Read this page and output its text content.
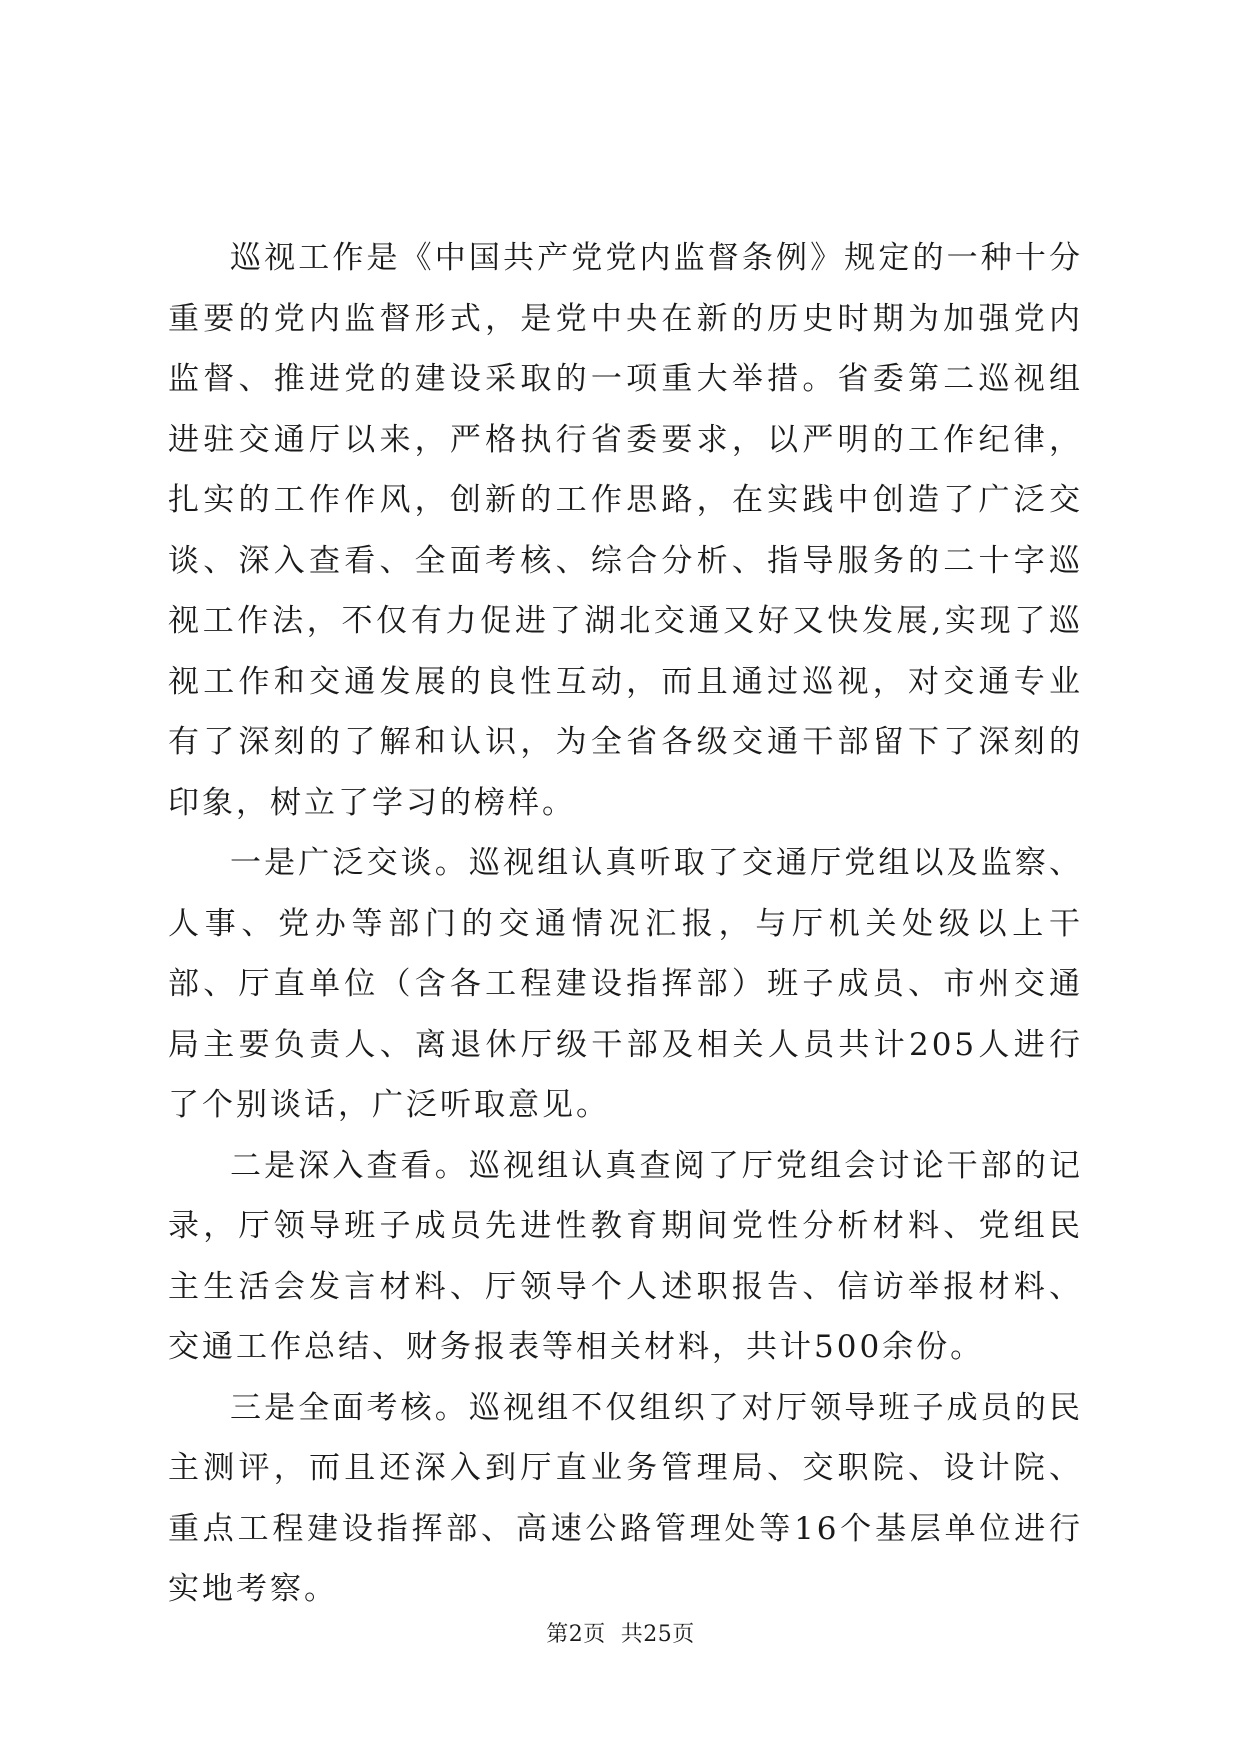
巡视工作是《中国共产党党内监督条例》规定的一种十分重要的党内监督形式，是党中央在新的历史时期为加强党内监督、推进党的建设采取的一项重大举措。省委第二巡视组进驻交通厅以来，严格执行省委要求，以严明的工作纪律，扎实的工作作风，创新的工作思路，在实践中创造了广泛交谈、深入查看、全面考核、综合分析、指导服务的二十字巡视工作法，不仅有力促进了湖北交通又好又快发展,实现了巡视工作和交通发展的良性互动，而且通过巡视，对交通专业有了深刻的了解和认识，为全省各级交通干部留下了深刻的印象，树立了学习的榜样。

一是广泛交谈。巡视组认真听取了交通厅党组以及监察、人事、党办等部门的交通情况汇报，与厅机关处级以上干部、厅直单位（含各工程建设指挥部）班子成员、市州交通局主要负责人、离退休厅级干部及相关人员共计205人进行了个别谈话，广泛听取意见。

二是深入查看。巡视组认真查阅了厅党组会讨论干部的记录，厅领导班子成员先进性教育期间党性分析材料、党组民主生活会发言材料、厅领导个人述职报告、信访举报材料、交通工作总结、财务报表等相关材料，共计500余份。

三是全面考核。巡视组不仅组织了对厅领导班子成员的民主测评，而且还深入到厅直业务管理局、交职院、设计院、重点工程建设指挥部、高速公路管理处等16个基层单位进行实地考察。

第2页  共25页
